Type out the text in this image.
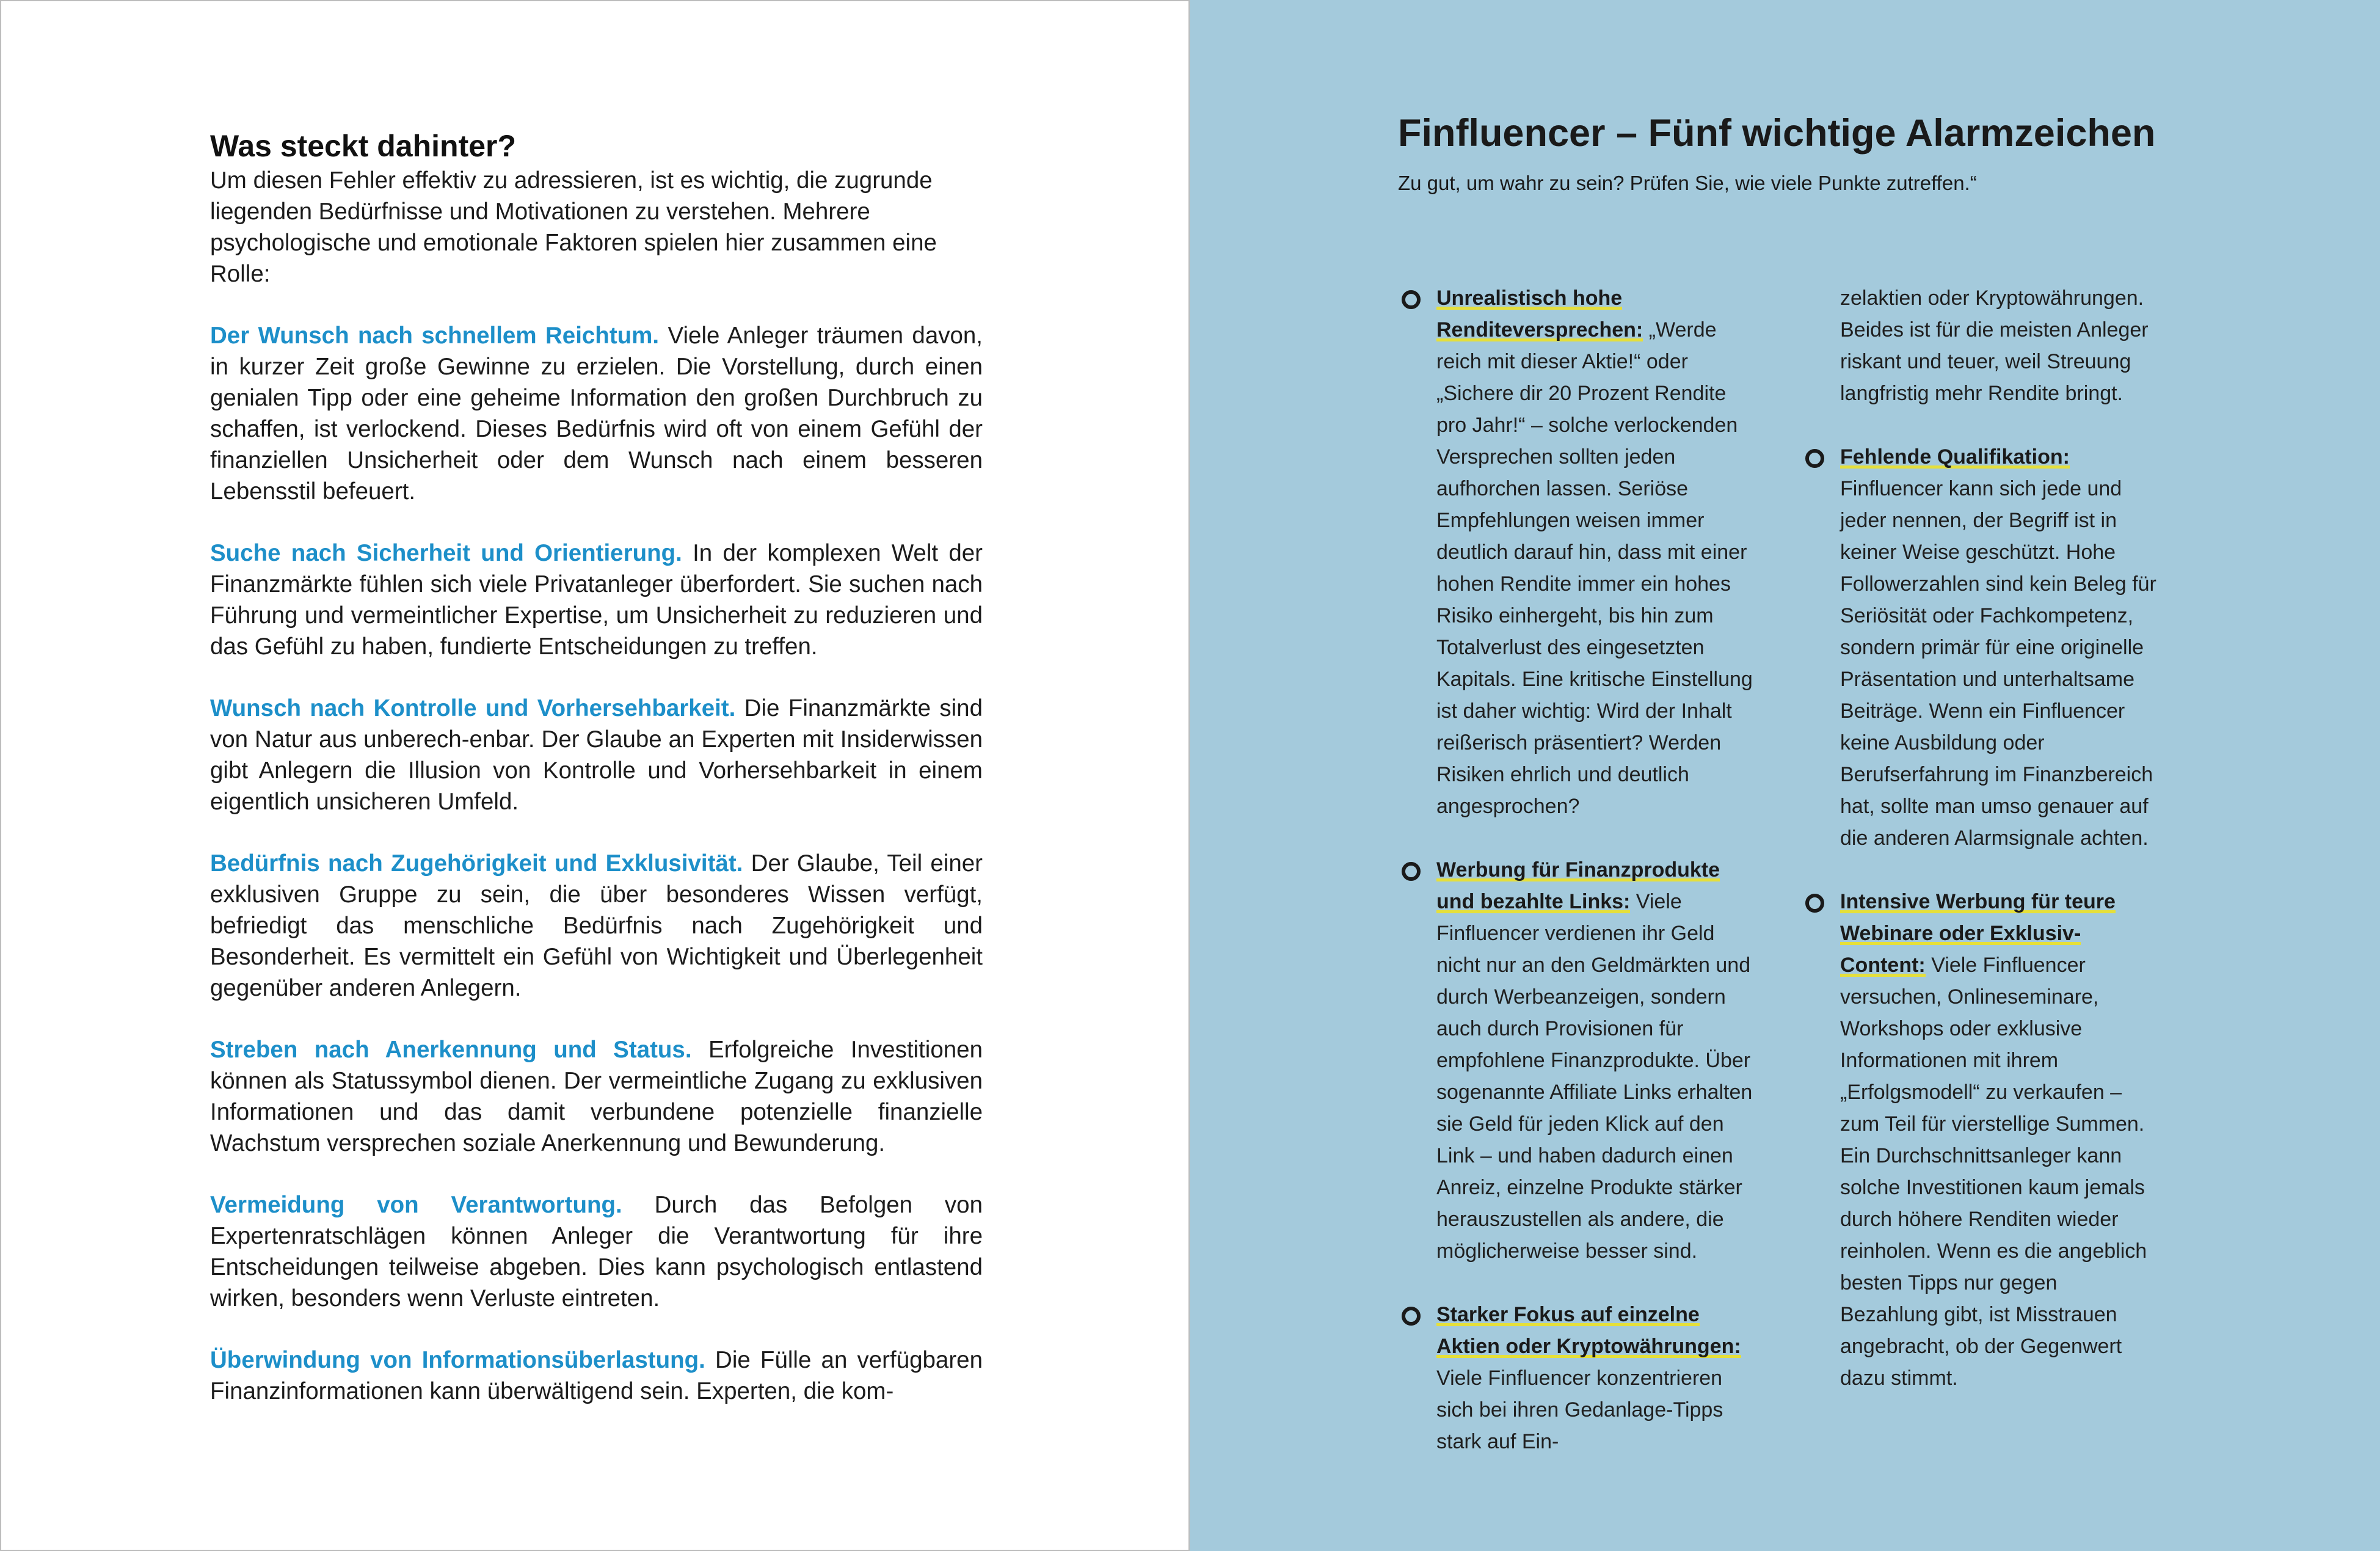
Was steckt dahinter?

Um diesen Fehler effektiv zu adressieren, ist es wichtig, die zugrunde liegenden Bedürfnisse und Motivationen zu verstehen. Mehrere psychologische und emotionale Faktoren spielen hier zusammen eine Rolle:

Der Wunsch nach schnellem Reichtum. Viele Anleger träumen davon, in kurzer Zeit große Gewinne zu erzielen. Die Vorstellung, durch einen genialen Tipp oder eine geheime Information den großen Durchbruch zu schaffen, ist verlockend. Dieses Bedürfnis wird oft von einem Gefühl der finanziellen Unsicherheit oder dem Wunsch nach einem besseren Lebensstil befeuert.

Suche nach Sicherheit und Orientierung. In der komplexen Welt der Finanzmärkte fühlen sich viele Privatanleger überfordert. Sie suchen nach Führung und vermeintlicher Expertise, um Unsicherheit zu reduzieren und das Gefühl zu haben, fundierte Entscheidungen zu treffen.

Wunsch nach Kontrolle und Vorhersehbarkeit. Die Finanzmärkte sind von Natur aus unberech-enbar. Der Glaube an Experten mit Insiderwissen gibt Anlegern die Illusion von Kontrolle und Vorhersehbarkeit in einem eigentlich unsicheren Umfeld.

Bedürfnis nach Zugehörigkeit und Exklusivität. Der Glaube, Teil einer exklusiven Gruppe zu sein, die über besonderes Wissen verfügt, befriedigt das menschliche Bedürfnis nach Zugehörigkeit und Besonderheit. Es vermittelt ein Gefühl von Wichtigkeit und Überlegenheit gegenüber anderen Anlegern.

Streben nach Anerkennung und Status. Erfolgreiche Investitionen können als Statussymbol dienen. Der vermeintliche Zugang zu exklusiven Informationen und das damit verbundene potenzielle finanzielle Wachstum versprechen soziale Anerkennung und Bewunderung.

Vermeidung von Verantwortung. Durch das Befolgen von Expertenratschlägen können Anleger die Verantwortung für ihre Entscheidungen teilweise abgeben. Dies kann psychologisch entlastend wirken, besonders wenn Verluste eintreten.

Überwindung von Informationsüberlastung. Die Fülle an verfügbaren Finanzinformationen kann überwältigend sein. Experten, die kom-

Finfluencer – Fünf wichtige Alarmzeichen

Zu gut, um wahr zu sein? Prüfen Sie, wie viele Punkte zutreffen.“

Unrealistisch hohe Renditeversprechen: „Werde reich mit dieser Aktie!“ oder „Sichere dir 20 Prozent Rendite pro Jahr!“ – solche verlockenden Versprechen sollten jeden aufhorchen lassen. Seriöse Empfehlungen weisen immer deutlich darauf hin, dass mit einer hohen Rendite immer ein hohes Risiko einhergeht, bis hin zum Totalverlust des eingesetzten Kapitals. Eine kritische Einstellung ist daher wichtig: Wird der Inhalt reißerisch präsentiert? Werden Risiken ehrlich und deutlich angesprochen?
Werbung für Finanzprodukte und bezahlte Links: Viele Finfluencer verdienen ihr Geld nicht nur an den Geldmärkten und durch Werbeanzeigen, sondern auch durch Provisionen für empfohlene Finanzprodukte. Über sogenannte Affiliate Links erhalten sie Geld für jeden Klick auf den Link – und haben dadurch einen Anreiz, einzelne Produkte stärker herauszustellen als andere, die möglicherweise besser sind.
Starker Fokus auf einzelne Aktien oder Kryptowährungen: Viele Finfluencer konzentrieren sich bei ihren Gedanlage-Tipps stark auf Ein-
zelaktien oder Kryptowährungen. Beides ist für die meisten Anleger riskant und teuer, weil Streuung langfristig mehr Rendite bringt.
Fehlende Qualifikation: Finfluencer kann sich jede und jeder nennen, der Begriff ist in keiner Weise geschützt. Hohe Followerzahlen sind kein Beleg für Seriösität oder Fachkompetenz, sondern primär für eine originelle Präsentation und unterhaltsame Beiträge. Wenn ein Finfluencer keine Ausbildung oder Berufserfahrung im Finanzbereich hat, sollte man umso genauer auf die anderen Alarmsignale achten.
Intensive Werbung für teure Webinare oder Exklusiv-Content: Viele Finfluencer versuchen, Onlineseminare, Workshops oder exklusive Informationen mit ihrem „Erfolgsmodell“ zu verkaufen – zum Teil für vierstellige Summen. Ein Durchschnittsanleger kann solche Investitionen kaum jemals durch höhere Renditen wieder reinholen. Wenn es die angeblich besten Tipps nur gegen Bezahlung gibt, ist Misstrauen angebracht, ob der Gegenwert dazu stimmt.
